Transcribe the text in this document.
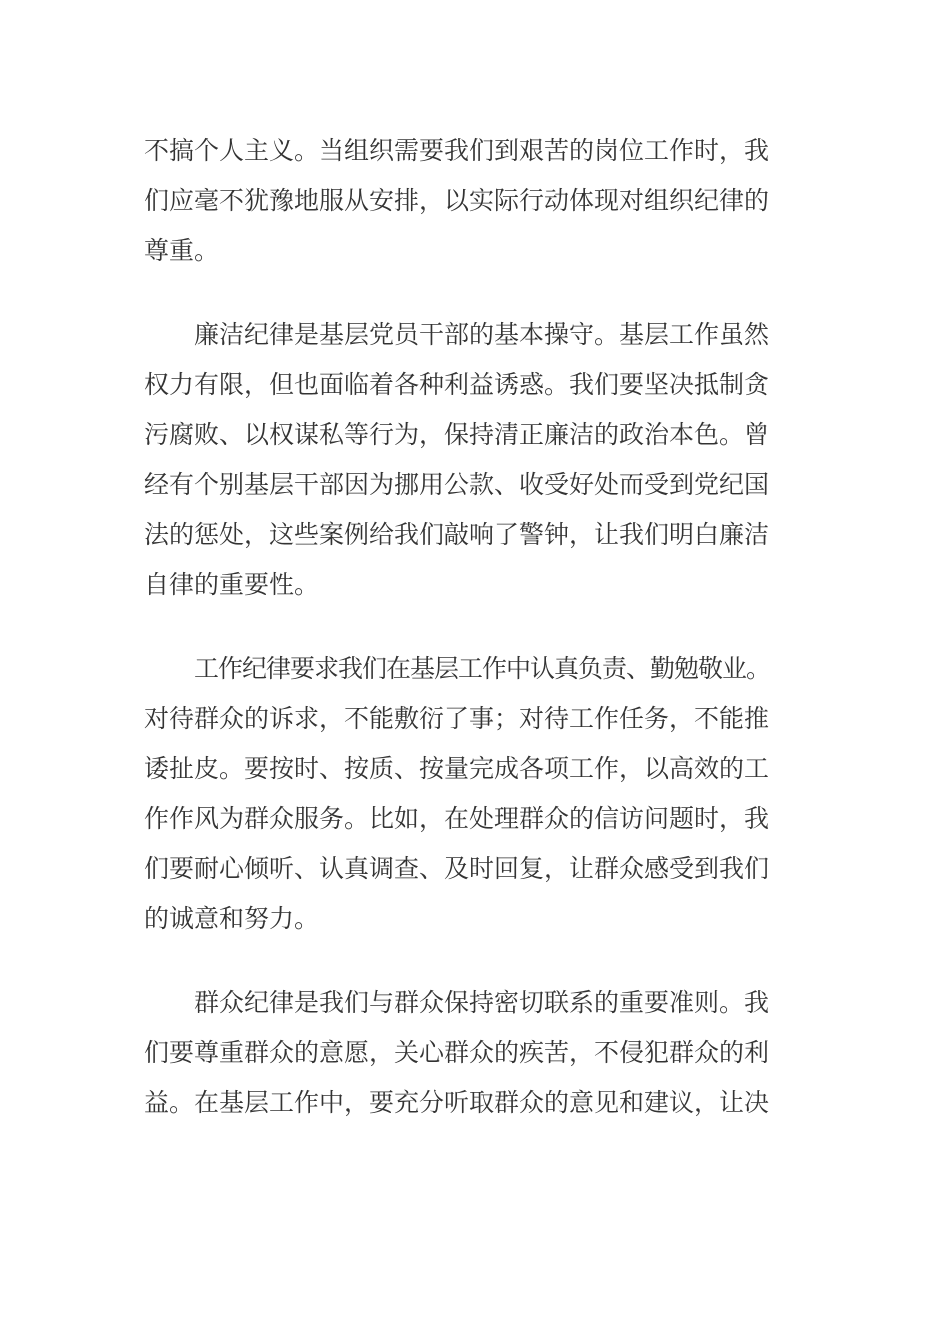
不搞个人主义。当组织需要我们到艰苦的岗位工作时，我
们应毫不犹豫地服从安排，以实际行动体现对组织纪律的
尊重。
廉洁纪律是基层党员干部的基本操守。基层工作虽然
权力有限，但也面临着各种利益诱惑。我们要坚决抵制贪
污腐败、以权谋私等行为，保持清正廉洁的政治本色。曾
经有个别基层干部因为挪用公款、收受好处而受到党纪国
法的惩处，这些案例给我们敲响了警钟，让我们明白廉洁
自律的重要性。
工作纪律要求我们在基层工作中认真负责、勤勉敬业。
对待群众的诉求，不能敷衍了事；对待工作任务，不能推
诿扯皮。要按时、按质、按量完成各项工作，以高效的工
作作风为群众服务。比如，在处理群众的信访问题时，我
们要耐心倾听、认真调查、及时回复，让群众感受到我们
的诚意和努力。
群众纪律是我们与群众保持密切联系的重要准则。我
们要尊重群众的意愿，关心群众的疾苦，不侵犯群众的利
益。在基层工作中，要充分听取群众的意见和建议，让决
